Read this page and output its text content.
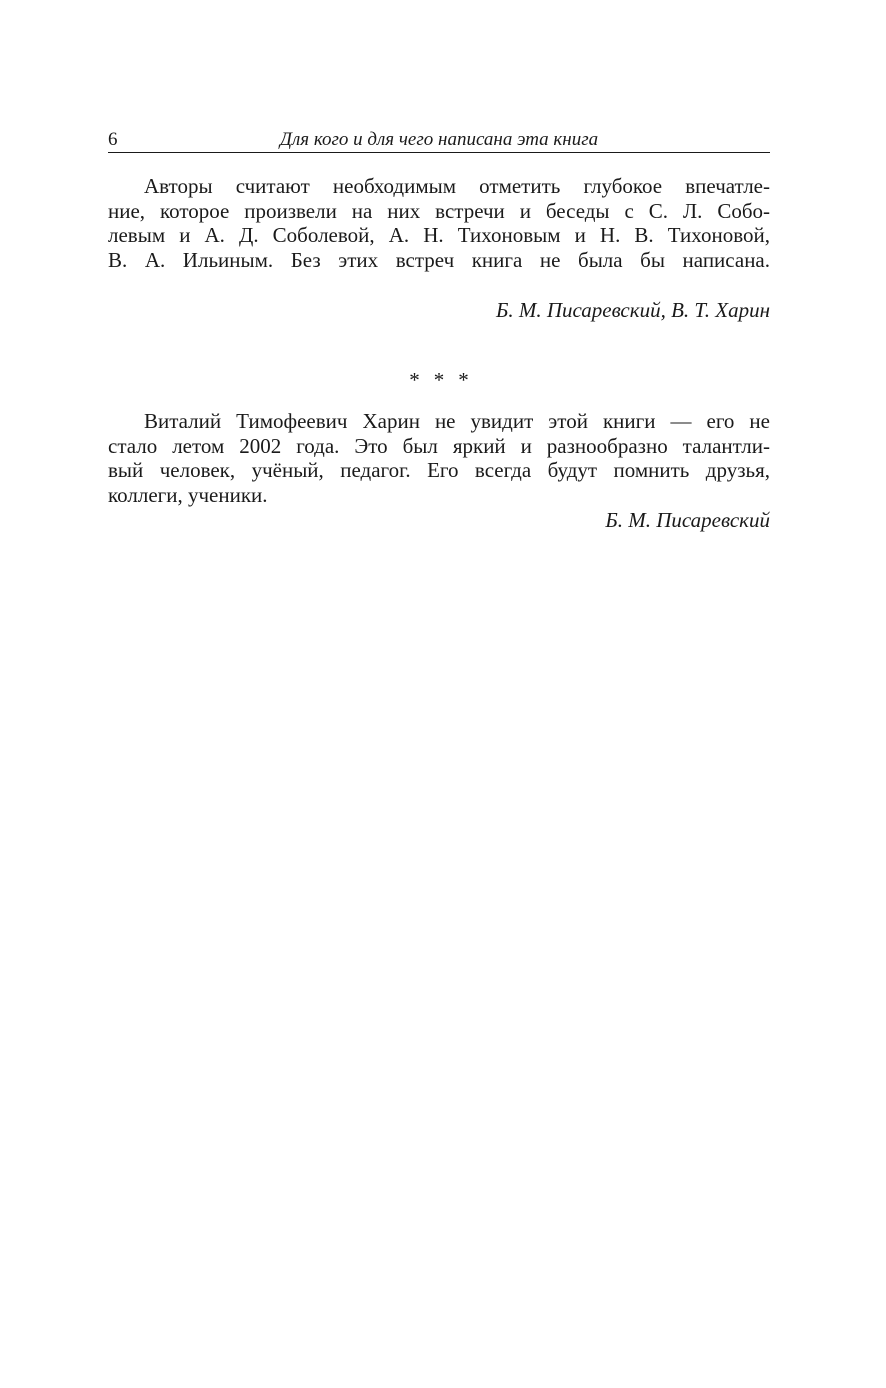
6	Для кого и для чего написана эта книга
Авторы считают необходимым отметить глубокое впечатле-
ние, которое произвели на них встречи и беседы с С. Л. Собо-
левым и А. Д. Соболевой, А. Н. Тихоновым и Н. В. Тихоновой,
В. А. Ильиным. Без этих встреч книга не была бы написана.
Б. М. Писаревский, В. Т. Харин
* * *
Виталий Тимофеевич Харин не увидит этой книги — его не
стало летом 2002 года. Это был яркий и разнообразно талантли-
вый человек, учёный, педагог. Его всегда будут помнить друзья,
коллеги, ученики.
Б. М. Писаревский
